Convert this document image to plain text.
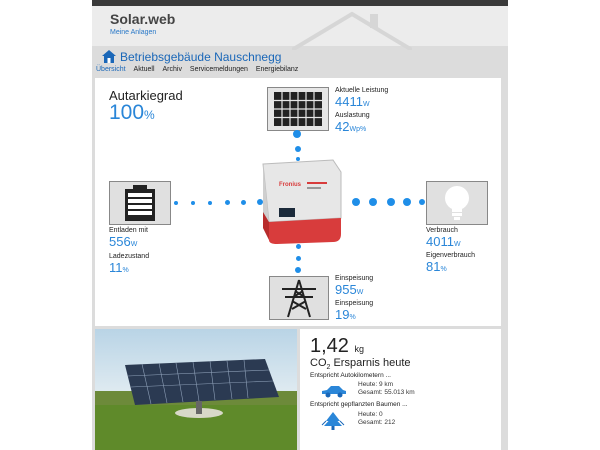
Solar.web
Meine Anlagen
Betriebsgebäude Nauschnegg
Übersicht Aktuell Archiv Servicemeldungen Energiebilanz
Autarkiegrad
100%
Aktuelle Leistung
4411W
Auslastung
42Wp%
Entladen mit
556W
Ladezustand
11%
Verbrauch
4011W
Eigenverbrauch
81%
Einspeisung
955W
Einspeisung
19%
Fronius
1,42 kg
$CO_2$ Ersparnis heute
Entspricht Autokilometern ...
Heute: 9 km
Gesamt: 55.013 km
Entspricht gepflanzten Baumen ...
Heute: 0
Gesamt: 212
